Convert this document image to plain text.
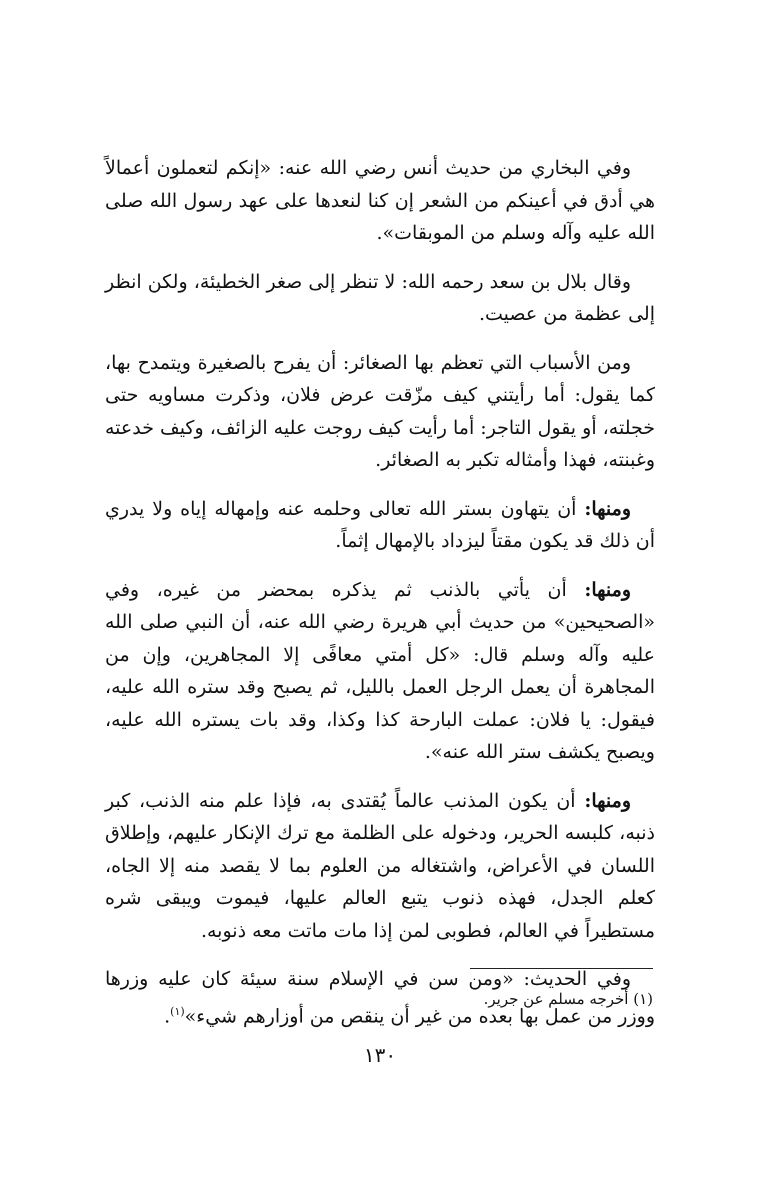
وفي البخاري من حديث أنس رضي الله عنه: «إنكم لتعملون أعمالاً هي أدق في أعينكم من الشعر إن كنا لنعدها على عهد رسول الله صلى الله عليه وآله وسلم من الموبقات».

وقال بلال بن سعد رحمه الله: لا تنظر إلى صغر الخطيئة، ولكن انظر إلى عظمة من عصيت.

ومن الأسباب التي تعظم بها الصغائر: أن يفرح بالصغيرة ويتمدح بها، كما يقول: أما رأيتني كيف مزّقت عرض فلان، وذكرت مساويه حتى خجلته، أو يقول التاجر: أما رأيت كيف روجت عليه الزائف، وكيف خدعته وغبنته، فهذا وأمثاله تكبر به الصغائر.

ومنها: أن يتهاون بستر الله تعالى وحلمه عنه وإمهاله إياه ولا يدري أن ذلك قد يكون مقتاً ليزداد بالإمهال إثماً.

ومنها: أن يأتي بالذنب ثم يذكره بمحضر من غيره، وفي «الصحيحين» من حديث أبي هريرة رضي الله عنه، أن النبي صلى الله عليه وآله وسلم قال: «كل أمتي معافًى إلا المجاهرين، وإن من المجاهرة أن يعمل الرجل العمل بالليل، ثم يصبح وقد ستره الله عليه، فيقول: يا فلان: عملت البارحة كذا وكذا، وقد بات يستره الله عليه، ويصبح يكشف ستر الله عنه».

ومنها: أن يكون المذنب عالماً يُقتدى به، فإذا علم منه الذنب، كبر ذنبه، كلبسه الحرير، ودخوله على الظلمة مع ترك الإنكار عليهم، وإطلاق اللسان في الأعراض، واشتغاله من العلوم بما لا يقصد منه إلا الجاه، كعلم الجدل، فهذه ذنوب يتبع العالم عليها، فيموت ويبقى شره مستطيراً في العالم، فطوبى لمن إذا مات ماتت معه ذنوبه.

وفي الحديث: «ومن سن في الإسلام سنة سيئة كان عليه وزرها ووزر من عمل بها بعده من غير أن ينقص من أوزارهم شيء»$^{(١)}$.

(١) أخرجه مسلم عن جرير.
١٣٠
